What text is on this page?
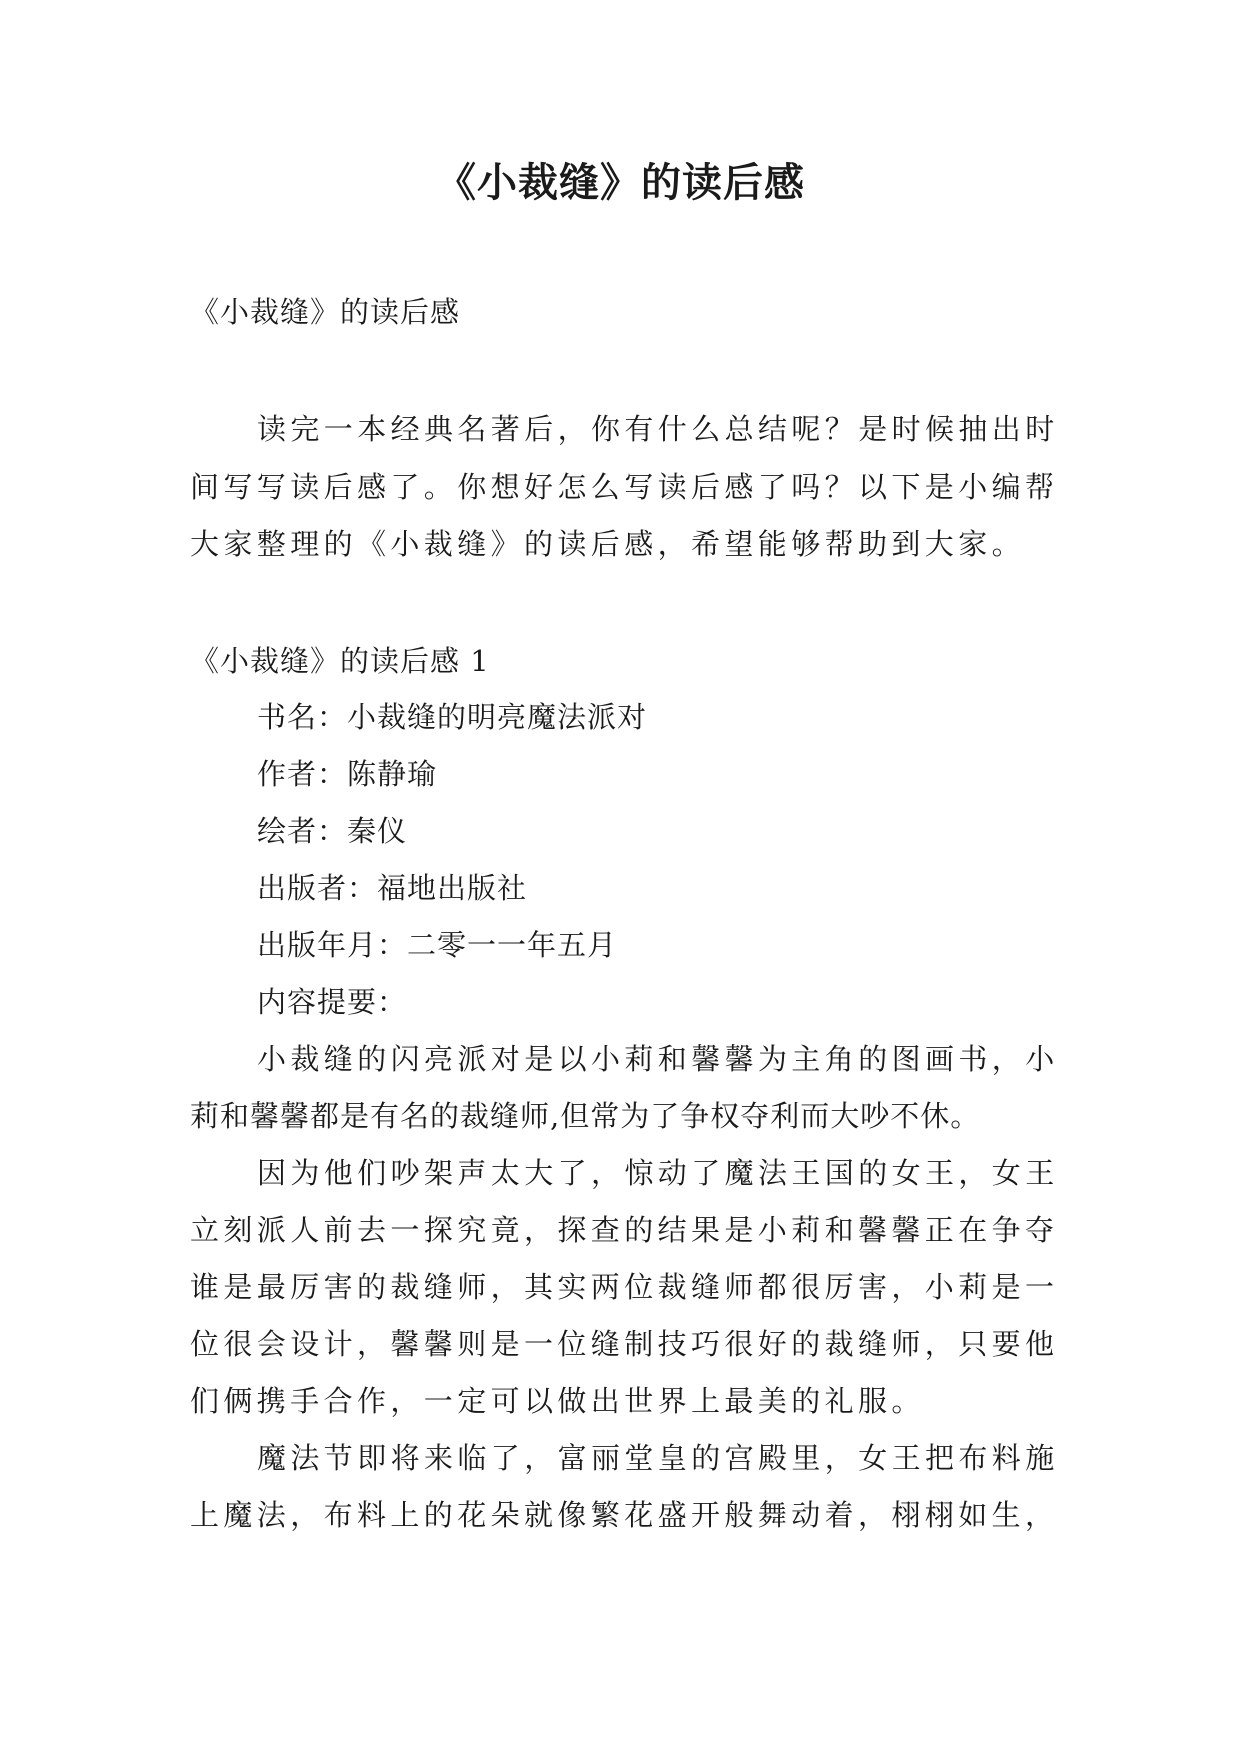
《小裁缝》的读后感

《小裁缝》的读后感

读完一本经典名著后，你有什么总结呢？是时候抽出时

间写写读后感了。你想好怎么写读后感了吗？以下是小编帮

大家整理的《小裁缝》的读后感，希望能够帮助到大家。

《小裁缝》的读后感 1

书名：小裁缝的明亮魔法派对

作者：陈静瑜

绘者：秦仪

出版者：福地出版社

出版年月：二零一一年五月

内容提要：

小裁缝的闪亮派对是以小莉和馨馨为主角的图画书，小

莉和馨馨都是有名的裁缝师,但常为了争权夺利而大吵不休。

因为他们吵架声太大了，惊动了魔法王国的女王，女王

立刻派人前去一探究竟，探查的结果是小莉和馨馨正在争夺

谁是最厉害的裁缝师，其实两位裁缝师都很厉害，小莉是一

位很会设计，馨馨则是一位缝制技巧很好的裁缝师，只要他

们俩携手合作，一定可以做出世界上最美的礼服。

魔法节即将来临了，富丽堂皇的宫殿里，女王把布料施

上魔法，布料上的花朵就像繁花盛开般舞动着，栩栩如生，
